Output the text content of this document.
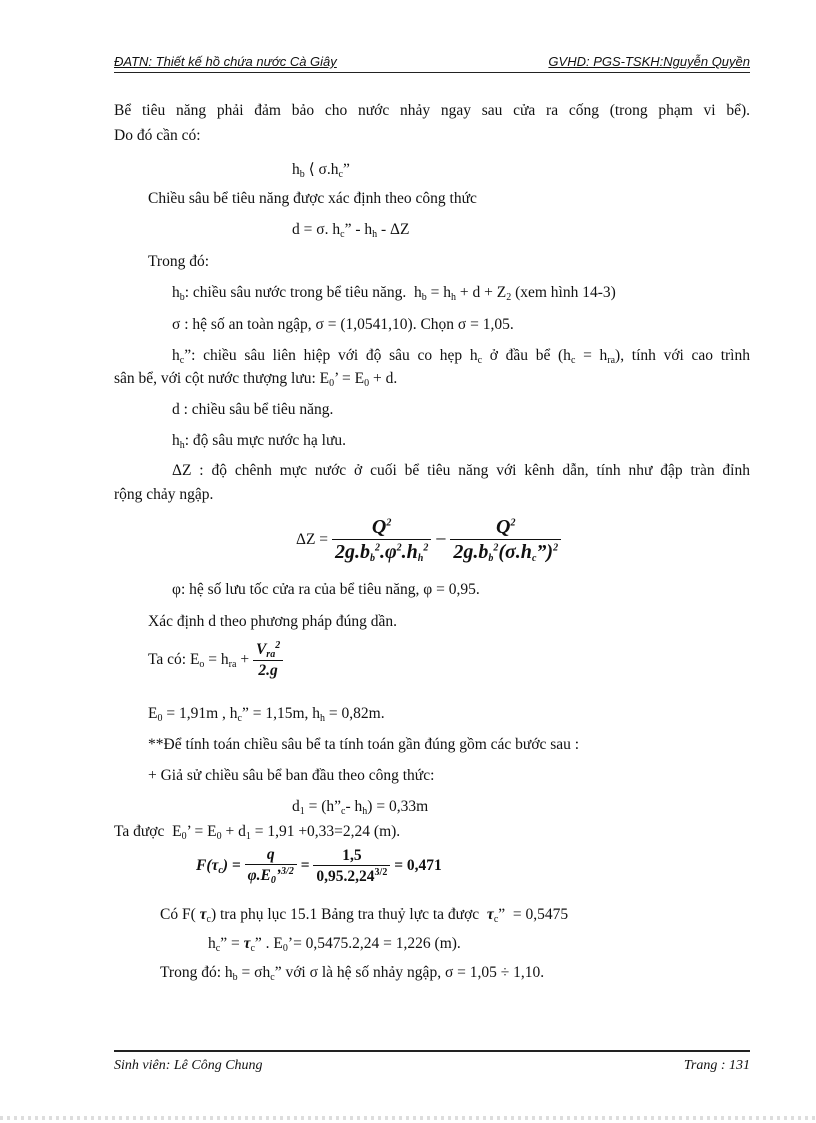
ĐATN: Thiết kế hồ chứa nước Cà Giây	GVHD: PGS-TSKH:Nguyễn Quyền
Bể tiêu năng phải đảm bảo cho nước nhảy ngay sau cửa ra cống (trong phạm vi bể).
Do đó cần có:
$h_b$ ⟨ $\sigma.h_c$”
Chiều sâu bể tiêu năng được xác định theo công thức
d = σ. $h_c$” - $h_h$ - ΔZ
Trong đó:
$h_b$: chiều sâu nước trong bể tiêu năng.  $h_b = h_h + d + Z_2$ (xem hình 14-3)
σ : hệ số an toàn ngập, σ = (1,0541,10). Chọn σ = 1,05.
$h_c$”: chiều sâu liên hiệp với độ sâu co hẹp $h_c$ ở đầu bể $(h_c = h_{ra})$, tính với cao trình
sân bể, với cột nước thượng lưu: $E_0$’ = $E_0 + d$.
d : chiều sâu bể tiêu năng.
$h_h$: độ sâu mực nước hạ lưu.
ΔZ : độ chênh mực nước ở cuối bể tiêu năng với kênh dẫn, tính như đập tràn đỉnh
rộng chảy ngập.
$\Delta Z = \frac{Q^2}{2g.b_b^2.\varphi^2.h_h^2} - \frac{Q^2}{2g.b_b^2(\sigma.h_c”)^2}$
φ: hệ số lưu tốc cửa ra của bể tiêu năng, φ = 0,95.
Xác định d theo phương pháp đúng dần.
Ta có: $E_o = h_{ra} + \frac{V_{ra}^2}{2.g}$
$E_0 = 1,91m$ , $h_c$” = 1,15m, $h_h = 0,82m$.
**Để tính toán chiều sâu bể ta tính toán gần đúng gồm các bước sau :
+ Giả sử chiều sâu bể ban đầu theo công thức:
$d_1$ = ($h”_c-$ $h_h) = 0,33m$
Ta được  $E_0$’ = $E_0 + d_1 = 1,91 +0,33=2,24$ (m).
$F(\tau_c) = \frac{q}{\varphi.E_0’^{3/2}} = \frac{1,5}{0,95.2,24^{3/2}} = 0,471$
Có F( $\tau_c$) tra phụ lục 15.1 Bảng tra thuỷ lực ta được  $\tau_c$”  = 0,5475
$h_c$” = $\tau_c$” . $E_0’= 0,5475.2,24 = 1,226$ (m).
Trong đó: $h_b = \sigma h_c$” với σ là hệ số nhảy ngập, σ = 1,05 ÷ 1,10.
Sinh viên: Lê Công Chung	Trang : 131
